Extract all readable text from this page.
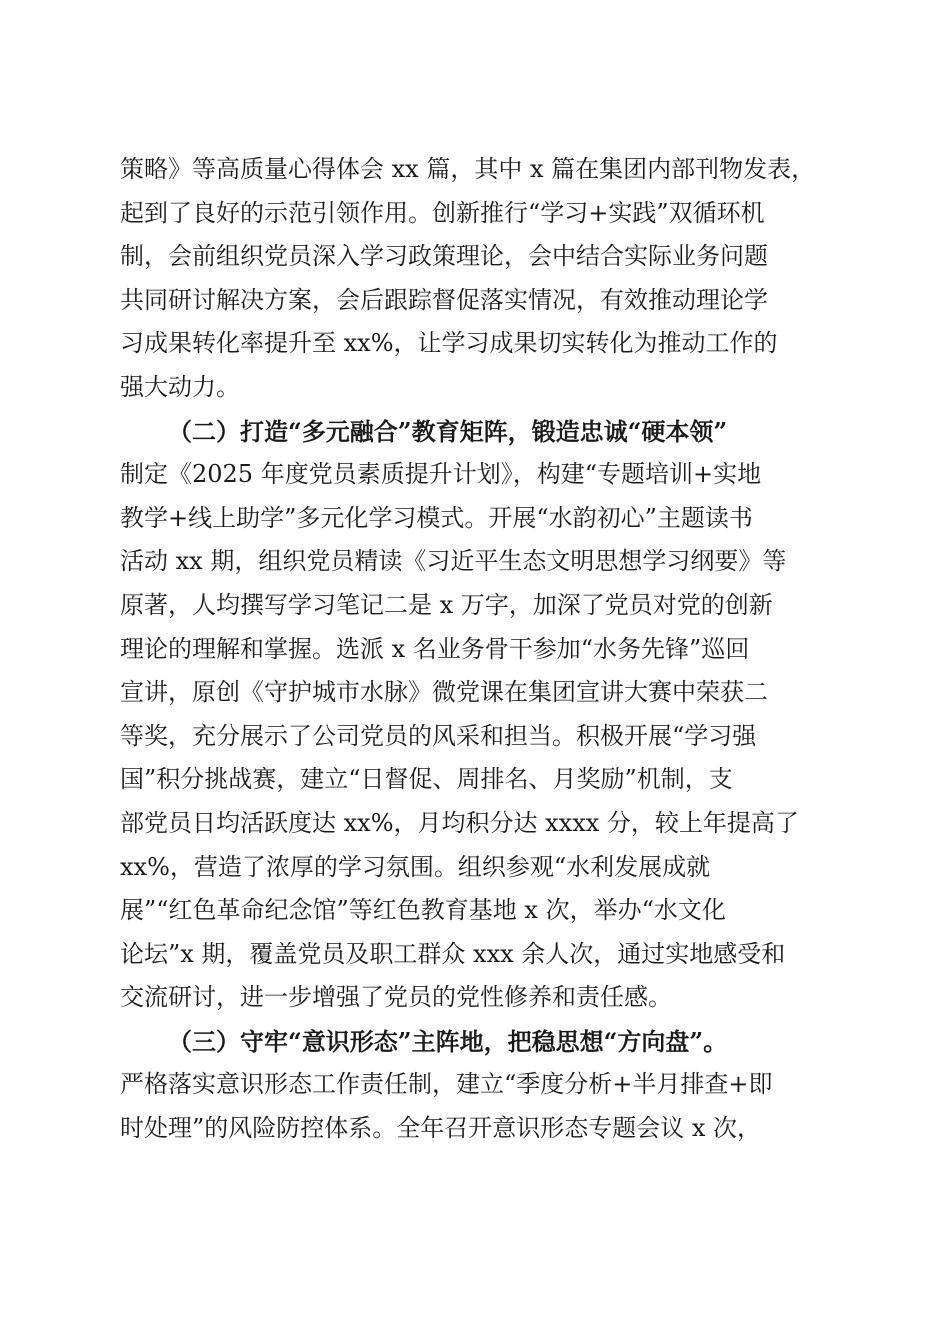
策略》等高质量心得体会 xx 篇，其中 x 篇在集团内部刊物发表，
起到了良好的示范引领作用。创新推行“学习+实践”双循环机
制，会前组织党员深入学习政策理论，会中结合实际业务问题
共同研讨解决方案，会后跟踪督促落实情况，有效推动理论学
习成果转化率提升至 xx%，让学习成果切实转化为推动工作的
强大动力。
（二）打造“多元融合”教育矩阵，锻造忠诚“硬本领”
制定《2025 年度党员素质提升计划》，构建“专题培训+实地
教学+线上助学”多元化学习模式。开展“水韵初心”主题读书
活动 xx 期，组织党员精读《习近平生态文明思想学习纲要》等
原著，人均撰写学习笔记二是 x 万字，加深了党员对党的创新
理论的理解和掌握。选派 x 名业务骨干参加“水务先锋”巡回
宣讲，原创《守护城市水脉》微党课在集团宣讲大赛中荣获二
等奖，充分展示了公司党员的风采和担当。积极开展“学习强
国”积分挑战赛，建立“日督促、周排名、月奖励”机制，支
部党员日均活跃度达 xx%，月均积分达 xxxx 分，较上年提高了
xx%，营造了浓厚的学习氛围。组织参观“水利发展成就
展”“红色革命纪念馆”等红色教育基地 x 次，举办“水文化
论坛”x 期，覆盖党员及职工群众 xxx 余人次，通过实地感受和
交流研讨，进一步增强了党员的党性修养和责任感。
（三）守牢“意识形态”主阵地，把稳思想“方向盘”。
严格落实意识形态工作责任制，建立“季度分析+半月排查+即
时处理”的风险防控体系。全年召开意识形态专题会议 x 次，
